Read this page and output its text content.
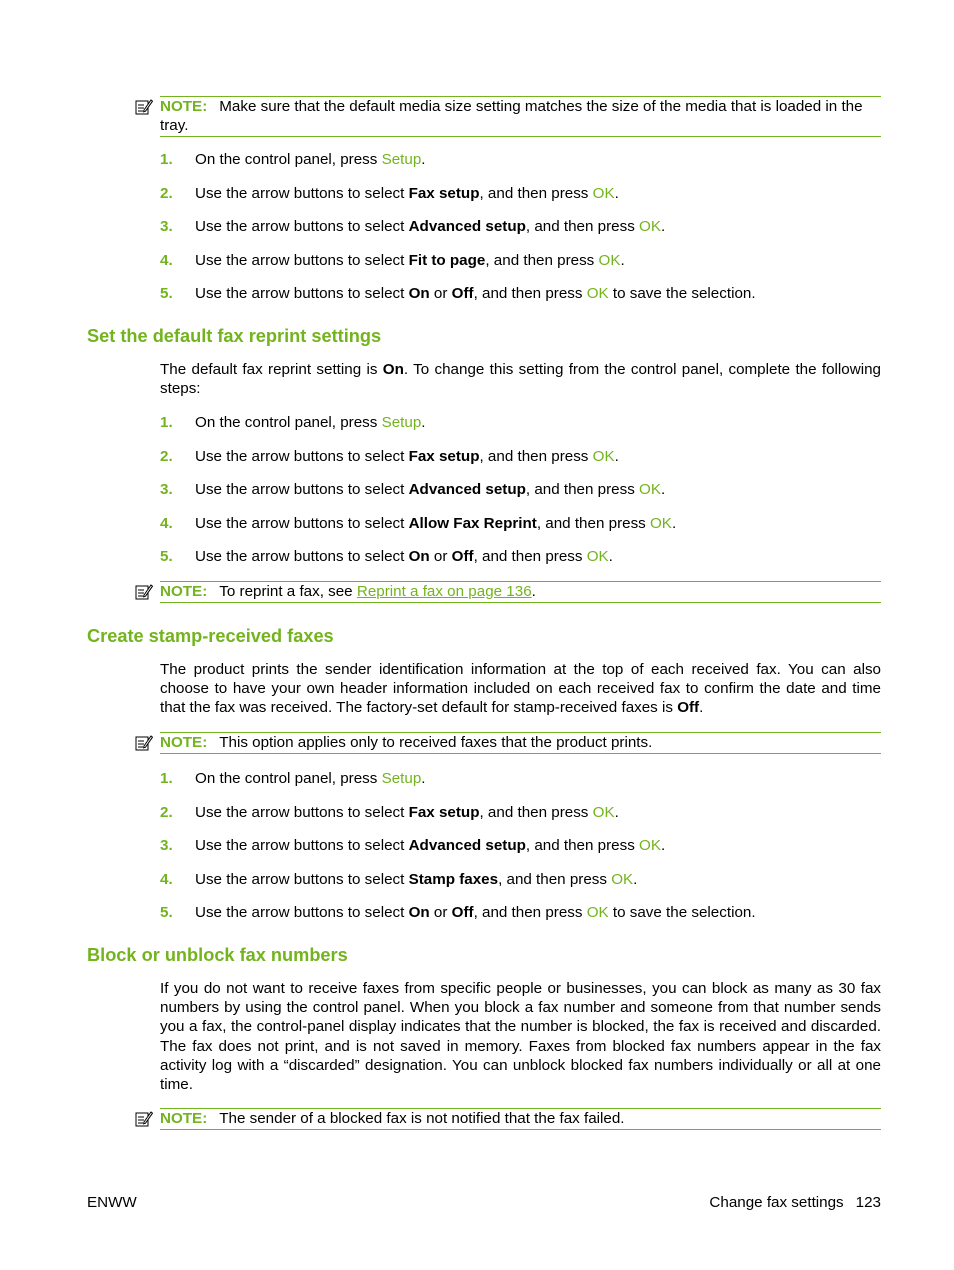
NOTE: Make sure that the default media size setting matches the size of the media that is loaded in the tray.
1. On the control panel, press Setup.
2. Use the arrow buttons to select Fax setup, and then press OK.
3. Use the arrow buttons to select Advanced setup, and then press OK.
4. Use the arrow buttons to select Fit to page, and then press OK.
5. Use the arrow buttons to select On or Off, and then press OK to save the selection.
Set the default fax reprint settings

The default fax reprint setting is On. To change this setting from the control panel, complete the following steps:

1. On the control panel, press Setup.
2. Use the arrow buttons to select Fax setup, and then press OK.
3. Use the arrow buttons to select Advanced setup, and then press OK.
4. Use the arrow buttons to select Allow Fax Reprint, and then press OK.
5. Use the arrow buttons to select On or Off, and then press OK.
NOTE: To reprint a fax, see Reprint a fax on page 136.
Create stamp-received faxes

The product prints the sender identification information at the top of each received fax. You can also choose to have your own header information included on each received fax to confirm the date and time that the fax was received. The factory-set default for stamp-received faxes is Off.

NOTE: This option applies only to received faxes that the product prints.
1. On the control panel, press Setup.
2. Use the arrow buttons to select Fax setup, and then press OK.
3. Use the arrow buttons to select Advanced setup, and then press OK.
4. Use the arrow buttons to select Stamp faxes, and then press OK.
5. Use the arrow buttons to select On or Off, and then press OK to save the selection.
Block or unblock fax numbers

If you do not want to receive faxes from specific people or businesses, you can block as many as 30 fax numbers by using the control panel. When you block a fax number and someone from that number sends you a fax, the control-panel display indicates that the number is blocked, the fax is received and discarded. The fax does not print, and is not saved in memory. Faxes from blocked fax numbers appear in the fax activity log with a “discarded” designation. You can unblock blocked fax numbers individually or all at one time.

NOTE: The sender of a blocked fax is not notified that the fax failed.
ENWW	Change fax settings 123
